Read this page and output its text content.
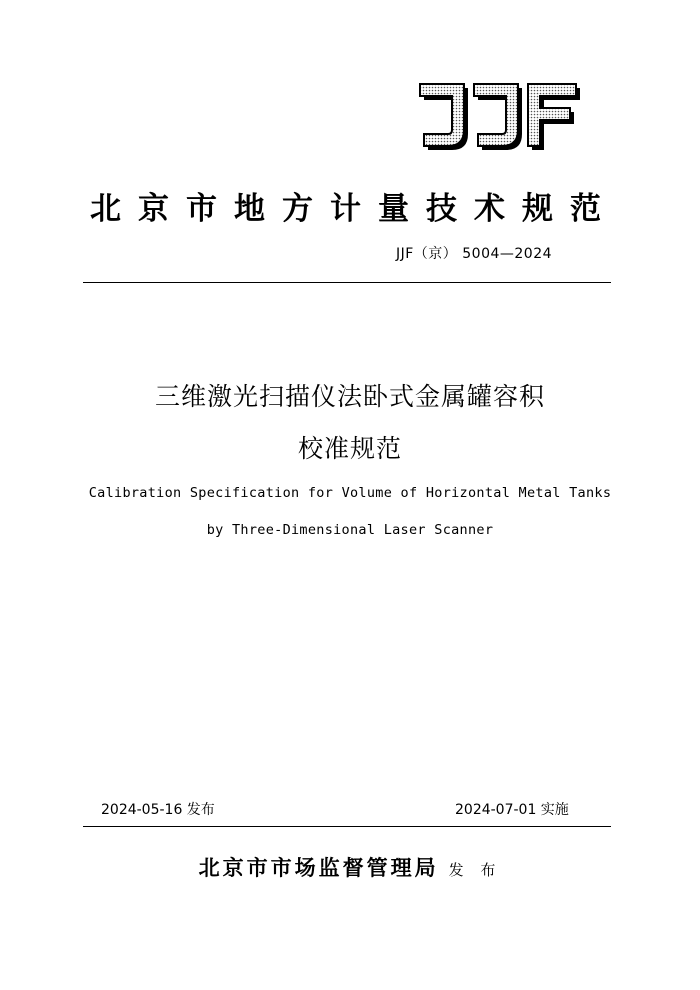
北京市地方计量技术规范
JJF（京） 5004—2024
三维激光扫描仪法卧式金属罐容积
校准规范
Calibration Specification for Volume of Horizontal Metal Tanks
by Three-Dimensional Laser Scanner
2024-05-16 发布	2024-07-01 实施
北京市市场监督管理局 发 布
